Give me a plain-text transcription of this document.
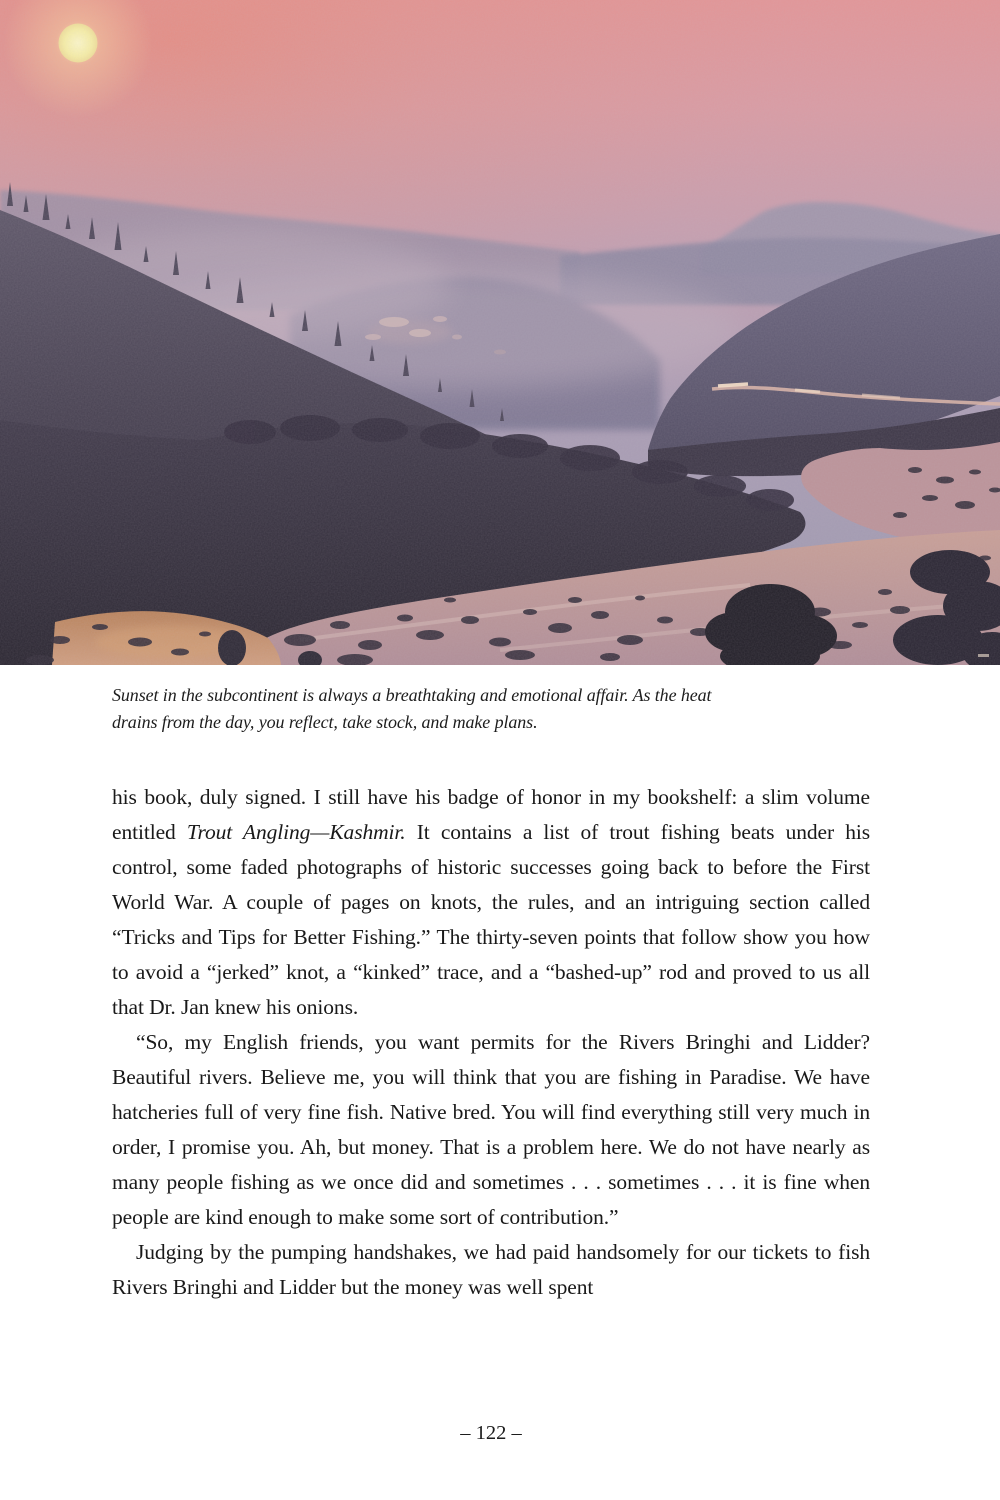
Sunset in the subcontinent is always a breathtaking and emotional affair. As the heat
drains from the day, you reflect, take stock, and make plans.

his book, duly signed. I still have his badge of honor in my bookshelf: a slim volume entitled Trout Angling—Kashmir. It contains a list of trout fishing beats under his control, some faded photographs of historic successes going back to before the First World War. A couple of pages on knots, the rules, and an intriguing section called “Tricks and Tips for Better Fishing.” The thirty-seven points that follow show you how to avoid a “jerked” knot, a “kinked” trace, and a “bashed-up” rod and proved to us all that Dr. Jan knew his onions.

“So, my English friends, you want permits for the Rivers Bringhi and Lidder? Beautiful rivers. Believe me, you will think that you are fishing in Paradise. We have hatcheries full of very fine fish. Native bred. You will find everything still very much in order, I promise you. Ah, but money. That is a problem here. We do not have nearly as many people fishing as we once did and sometimes . . . sometimes . . . it is fine when people are kind enough to make some sort of contribution.”

Judging by the pumping handshakes, we had paid handsomely for our tickets to fish Rivers Bringhi and Lidder but the money was well spent

– 122 –
